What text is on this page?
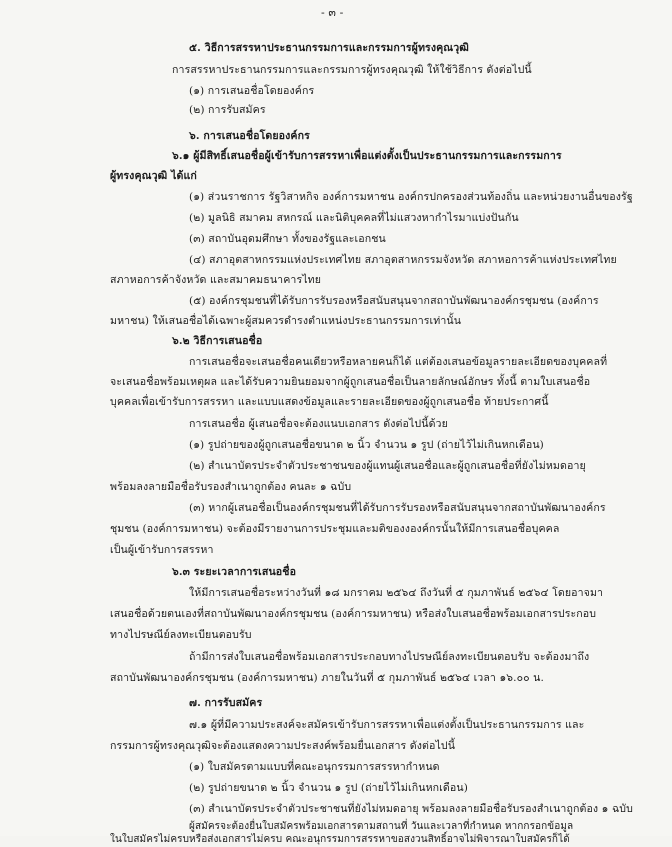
- ๓ -
๕. วิธีการสรรหาประธานกรรมการและกรรมการผู้ทรงคุณวุฒิ
การสรรหาประธานกรรมการและกรรมการผู้ทรงคุณวุฒิ ให้ใช้วิธีการ ดังต่อไปนี้
(๑) การเสนอชื่อโดยองค์กร
(๒) การรับสมัคร
๖. การเสนอชื่อโดยองค์กร
๖.๑ ผู้มีสิทธิ์เสนอชื่อผู้เข้ารับการสรรหาเพื่อแต่งตั้งเป็นประธานกรรมการและกรรมการ
ผู้ทรงคุณวุฒิ ได้แก่
(๑) ส่วนราชการ รัฐวิสาหกิจ องค์การมหาชน องค์กรปกครองส่วนท้องถิ่น และหน่วยงานอื่นของรัฐ
(๒) มูลนิธิ สมาคม สหกรณ์ และนิติบุคคลที่ไม่แสวงหากำไรมาแบ่งปันกัน
(๓) สถาบันอุดมศึกษา ทั้งของรัฐและเอกชน
(๔) สภาอุตสาหกรรมแห่งประเทศไทย สภาอุตสาหกรรมจังหวัด สภาหอการค้าแห่งประเทศไทย
สภาหอการค้าจังหวัด และสมาคมธนาคารไทย
(๕) องค์กรชุมชนที่ได้รับการรับรองหรือสนับสนุนจากสถาบันพัฒนาองค์กรชุมชน (องค์การ
มหาชน) ให้เสนอชื่อได้เฉพาะผู้สมควรดำรงตำแหน่งประธานกรรมการเท่านั้น
๖.๒ วิธีการเสนอชื่อ
การเสนอชื่อจะเสนอชื่อคนเดียวหรือหลายคนก็ได้ แต่ต้องเสนอข้อมูลรายละเอียดของบุคคลที่
จะเสนอชื่อพร้อมเหตุผล และได้รับความยินยอมจากผู้ถูกเสนอชื่อเป็นลายลักษณ์อักษร ทั้งนี้ ตามใบเสนอชื่อ
บุคคลเพื่อเข้ารับการสรรหา และแบบแสดงข้อมูลและรายละเอียดของผู้ถูกเสนอชื่อ ท้ายประกาศนี้
การเสนอชื่อ ผู้เสนอชื่อจะต้องแนบเอกสาร ดังต่อไปนี้ด้วย
(๑) รูปถ่ายของผู้ถูกเสนอชื่อขนาด ๒ นิ้ว จำนวน ๑ รูป (ถ่ายไว้ไม่เกินหกเดือน)
(๒) สำเนาบัตรประจำตัวประชาชนของผู้แทนผู้เสนอชื่อและผู้ถูกเสนอชื่อที่ยังไม่หมดอายุ
พร้อมลงลายมือชื่อรับรองสำเนาถูกต้อง คนละ ๑ ฉบับ
(๓) หากผู้เสนอชื่อเป็นองค์กรชุมชนที่ได้รับการรับรองหรือสนับสนุนจากสถาบันพัฒนาองค์กร
ชุมชน (องค์การมหาชน) จะต้องมีรายงานการประชุมและมติของงองค์กรนั้นให้มีการเสนอชื่อบุคคล
เป็นผู้เข้ารับการสรรหา
๖.๓ ระยะเวลาการเสนอชื่อ
ให้มีการเสนอชื่อระหว่างวันที่ ๑๘ มกราคม ๒๕๖๔ ถึงวันที่ ๕ กุมภาพันธ์ ๒๕๖๔ โดยอาจมา
เสนอชื่อด้วยตนเองที่สถาบันพัฒนาองค์กรชุมชน (องค์การมหาชน) หรือส่งใบเสนอชื่อพร้อมเอกสารประกอบ
ทางไปรษณีย์ลงทะเบียนตอบรับ
ถ้ามีการส่งใบเสนอชื่อพร้อมเอกสารประกอบทางไปรษณีย์ลงทะเบียนตอบรับ จะต้องมาถึง
สถาบันพัฒนาองค์กรชุมชน (องค์การมหาชน) ภายในวันที่ ๕ กุมภาพันธ์ ๒๕๖๔ เวลา ๑๖.๐๐ น.
๗. การรับสมัคร
๗.๑ ผู้ที่มีความประสงค์จะสมัครเข้ารับการสรรหาเพื่อแต่งตั้งเป็นประธานกรรมการ และ
กรรมการผู้ทรงคุณวุฒิจะต้องแสดงความประสงค์พร้อมยื่นเอกสาร ดังต่อไปนี้
(๑) ใบสมัครตามแบบที่คณะอนุกรรมการสรรหากำหนด
(๒) รูปถ่ายขนาด ๒ นิ้ว จำนวน ๑ รูป (ถ่ายไว้ไม่เกินหกเดือน)
(๓) สำเนาบัตรประจำตัวประชาชนที่ยังไม่หมดอายุ พร้อมลงลายมือชื่อรับรองสำเนาถูกต้อง ๑ ฉบับ
ผู้สมัครจะต้องยื่นใบสมัครพร้อมเอกสารตามสถานที่ วันและเวลาที่กำหนด หากกรอกข้อมูล
ในใบสมัครไม่ครบหรือส่งเอกสารไม่ครบ คณะอนุกรรมการสรรหาขอสงวนสิทธิ์อาจไม่พิจารณาใบสมัครก็ได้
